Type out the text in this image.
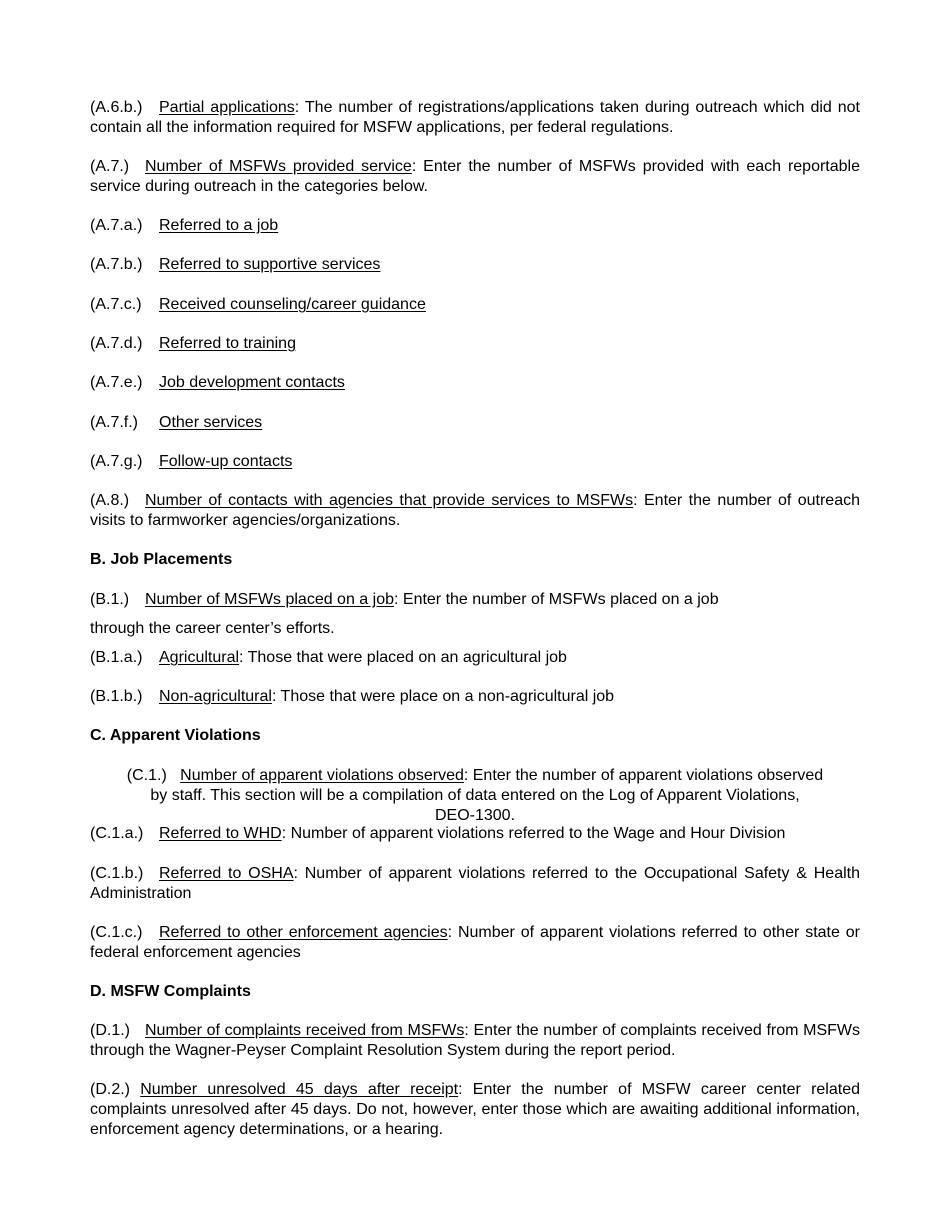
(A.6.b.) Partial applications: The number of registrations/applications taken during outreach which did not contain all the information required for MSFW applications, per federal regulations.
(A.7.) Number of MSFWs provided service: Enter the number of MSFWs provided with each reportable service during outreach in the categories below.
(A.7.a.) Referred to a job
(A.7.b.) Referred to supportive services
(A.7.c.) Received counseling/career guidance
(A.7.d.) Referred to training
(A.7.e.) Job development contacts
(A.7.f.) Other services
(A.7.g.) Follow-up contacts
(A.8.) Number of contacts with agencies that provide services to MSFWs: Enter the number of outreach visits to farmworker agencies/organizations.
B. Job Placements
(B.1.) Number of MSFWs placed on a job: Enter the number of MSFWs placed on a job
through the career center’s efforts.
(B.1.a.) Agricultural: Those that were placed on an agricultural job
(B.1.b.) Non-agricultural: Those that were place on a non-agricultural job
C. Apparent Violations
(C.1.) Number of apparent violations observed: Enter the number of apparent violations observed
by staff. This section will be a compilation of data entered on the Log of Apparent Violations,
DEO-1300.
(C.1.a.) Referred to WHD: Number of apparent violations referred to the Wage and Hour Division
(C.1.b.) Referred to OSHA: Number of apparent violations referred to the Occupational Safety & Health Administration
(C.1.c.) Referred to other enforcement agencies: Number of apparent violations referred to other state or federal enforcement agencies
D. MSFW Complaints
(D.1.) Number of complaints received from MSFWs: Enter the number of complaints received from MSFWs through the Wagner-Peyser Complaint Resolution System during the report period.
(D.2.) Number unresolved 45 days after receipt: Enter the number of MSFW career center related complaints unresolved after 45 days. Do not, however, enter those which are awaiting additional information, enforcement agency determinations, or a hearing.
